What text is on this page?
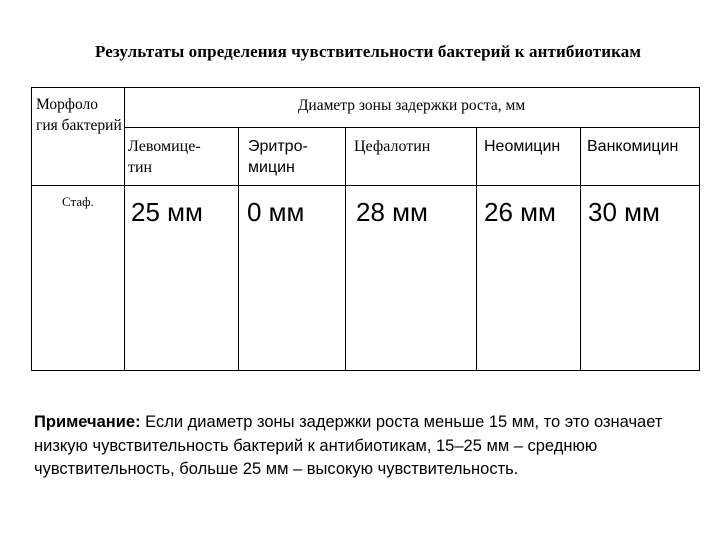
Результаты определения чувствительности бактерий к антибиотикам
Морфоло гия бактерий
Диаметр зоны задержки роста, мм
Левомице-
тин
Эритро-
мицин
Цефалотин	Неомицин Ванкомицин
Стаф. 25 мм 0 мм 28 мм 26 мм 30 мм
Примечание: Если диаметр зоны задержки роста меньше 15 мм, то это означает низкую чувствительность бактерий к антибиотикам, 15–25 мм – среднюю чувствительность, больше 25 мм – высокую чувствительность.
